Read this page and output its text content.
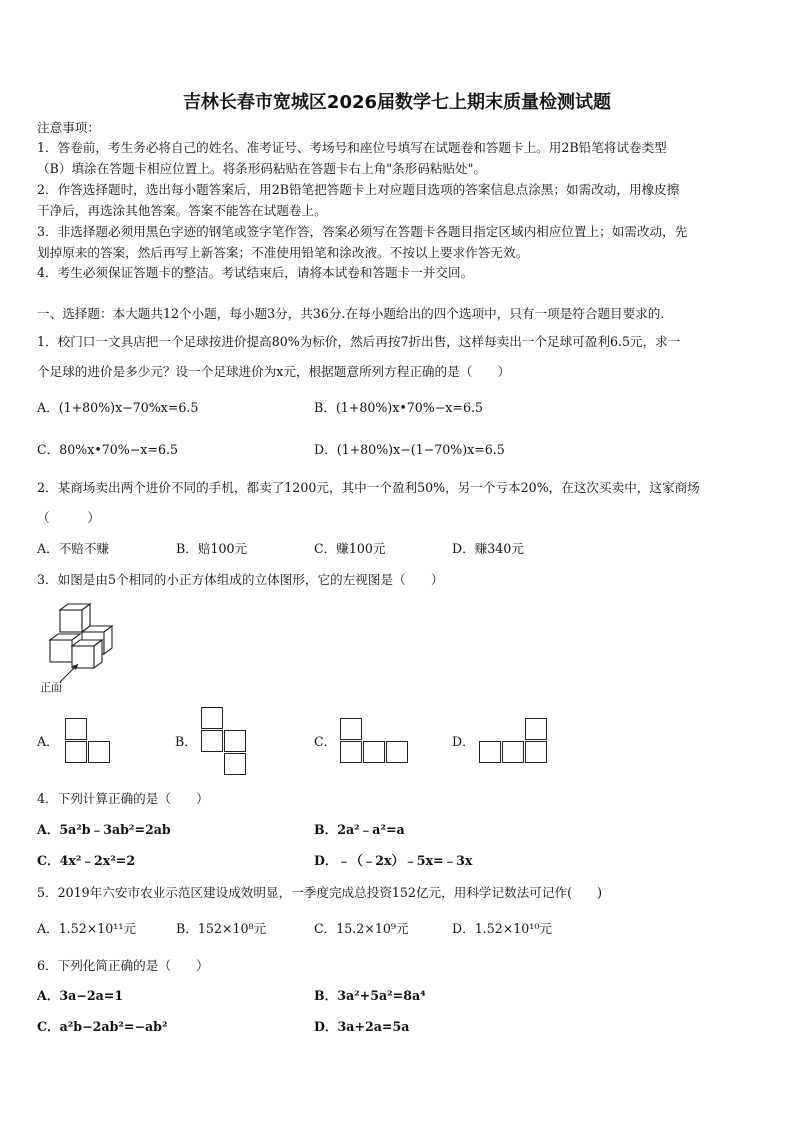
吉林长春市宽城区2026届数学七上期末质量检测试题
注意事项：
1．答卷前，考生务必将自己的姓名、准考证号、考场号和座位号填写在试题卷和答题卡上。用2B铅笔将试卷类型
（B）填涂在答题卡相应位置上。将条形码粘贴在答题卡右上角"条形码粘贴处"。
2．作答选择题时，选出每小题答案后，用2B铅笔把答题卡上对应题目选项的答案信息点涂黑；如需改动，用橡皮擦
干净后，再选涂其他答案。答案不能答在试题卷上。
3．非选择题必须用黑色字迹的钢笔或签字笔作答，答案必须写在答题卡各题目指定区域内相应位置上；如需改动，先
划掉原来的答案，然后再写上新答案；不准使用铅笔和涂改液。不按以上要求作答无效。
4．考生必须保证答题卡的整洁。考试结束后，请将本试卷和答题卡一并交回。
一、选择题：本大题共12个小题，每小题3分，共36分.在每小题给出的四个选项中，只有一项是符合题目要求的.
1．校门口一文具店把一个足球按进价提高80%为标价，然后再按7折出售，这样每卖出一个足球可盈利6.5元，求一
个足球的进价是多少元？设一个足球进价为x元，根据题意所列方程正确的是（　　）
A．(1+80%)x−70%x=6.5	B．(1+80%)x•70%−x=6.5
C．80%x•70%−x=6.5	D．(1+80%)x−(1−70%)x=6.5
2．某商场卖出两个进价不同的手机，都卖了1200元，其中一个盈利50%，另一个亏本20%，在这次买卖中，这家商场
（　　　）
A．不赔不赚	B．赔100元	C．赚100元	D．赚340元
3．如图是由5个相同的小正方体组成的立体图形，它的左视图是（　　）
正面
A．	B．	C．	D．
4．下列计算正确的是（　　）
A．5a²b﹣3ab²=2ab	B．2a²﹣a²=a
C．4x²﹣2x²=2	D．﹣（﹣2x）﹣5x=﹣3x
5．2019年六安市农业示范区建设成效明显，一季度完成总投资152亿元，用科学记数法可记作(　　)
A．1.52×10¹¹元	B．152×10⁸元	C．15.2×10⁹元	D．1.52×10¹⁰元
6．下列化简正确的是（　　）
A．3a−2a=1	B．3a²+5a²=8a⁴
C．a²b−2ab²=−ab²	D．3a+2a=5a
